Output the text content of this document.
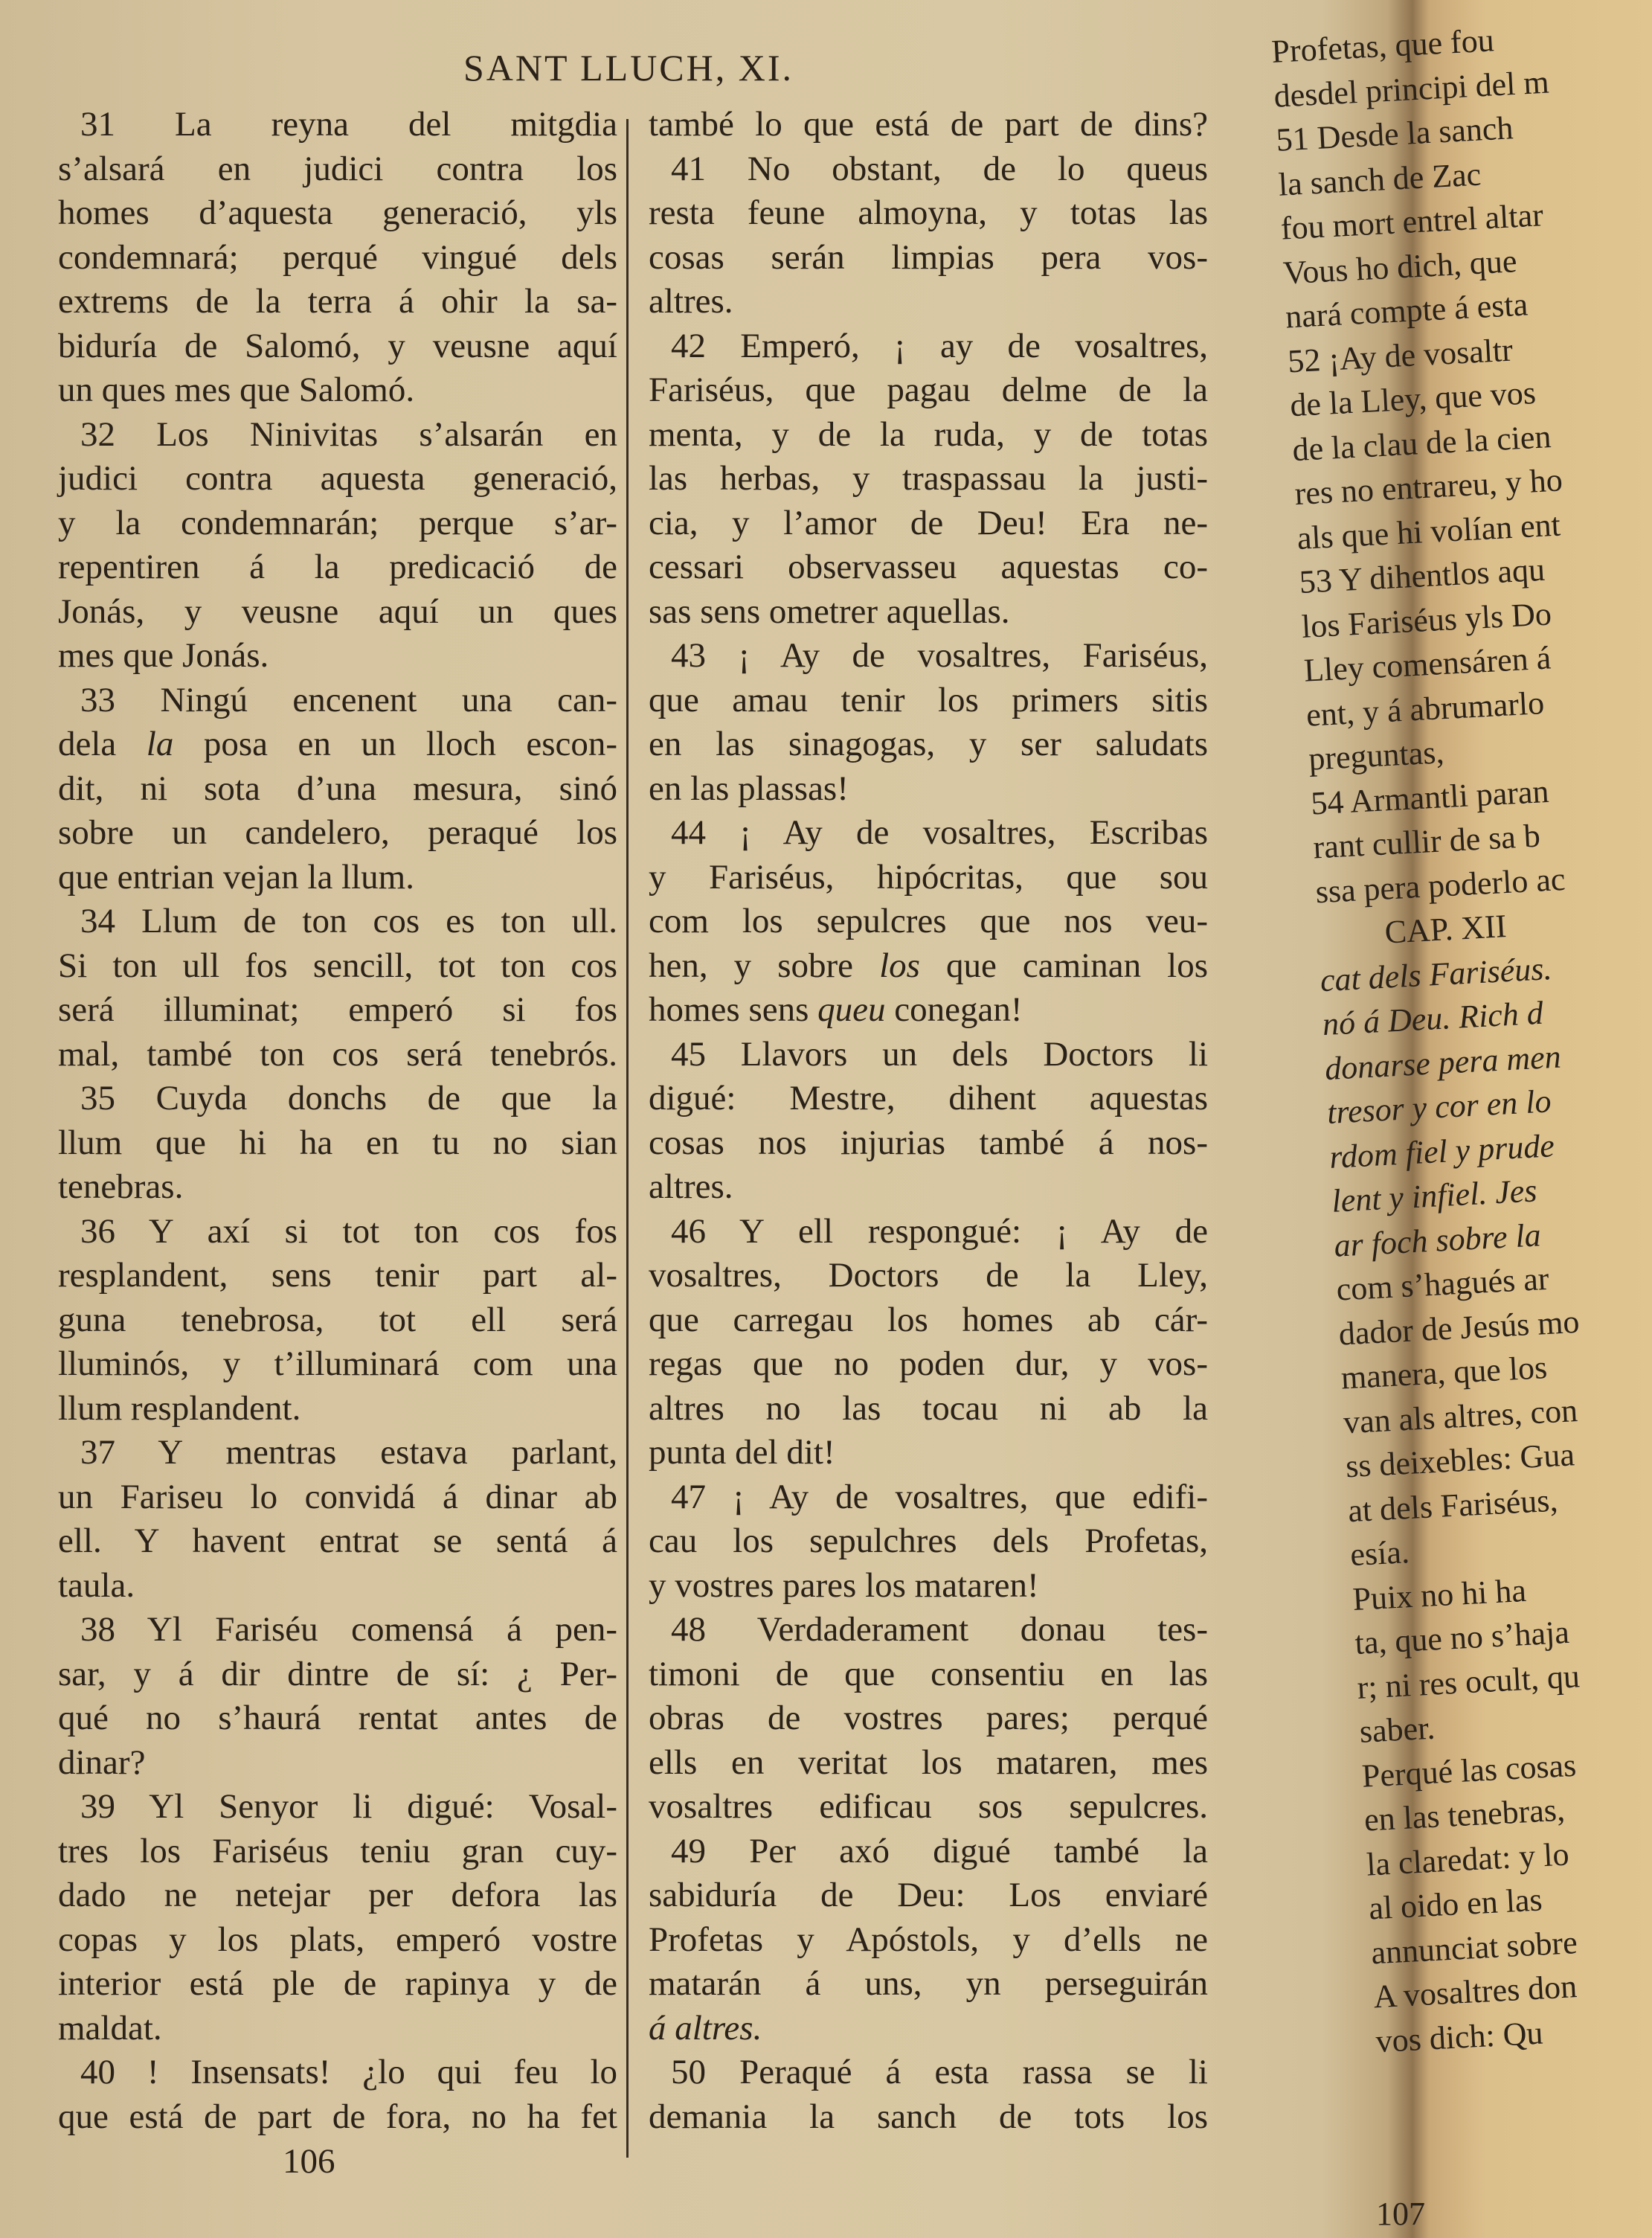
SANT LLUCH, XI.
31 La reyna del mitgdia
s’alsará en judici contra los
homes d’aquesta generació, yls
condemnará; perqué vingué dels
extrems de la terra á ohir la sa-
biduría de Salomó, y veusne aquí
un ques mes que Salomó.
32 Los Ninivitas s’alsarán en
judici contra aquesta generació,
y la condemnarán; perque s’ar-
repentiren á la predicació de
Jonás, y veusne aquí un ques
mes que Jonás.
33 Ningú encenent una can-
dela la posa en un lloch escon-
dit, ni sota d’una mesura, sinó
sobre un candelero, peraqué los
que entrian vejan la llum.
34 Llum de ton cos es ton ull.
Si ton ull fos sencill, tot ton cos
será illuminat; emperó si fos
mal, també ton cos será tenebrós.
35 Cuyda donchs de que la
llum que hi ha en tu no sian
tenebras.
36 Y axí si tot ton cos fos
resplandent, sens tenir part al-
guna tenebrosa, tot ell será
lluminós, y t’illuminará com una
llum resplandent.
37 Y mentras estava parlant,
un Fariseu lo convidá á dinar ab
ell. Y havent entrat se sentá á
taula.
38 Yl Fariséu comensá á pen-
sar, y á dir dintre de sí: ¿ Per-
qué no s’haurá rentat antes de
dinar?
39 Yl Senyor li digué: Vosal-
tres los Fariséus teniu gran cuy-
dado ne netejar per defora las
copas y los plats, emperó vostre
interior está ple de rapinya y de
maldat.
40 ! Insensats! ¿lo qui feu lo
que está de part de fora, no ha fet
també lo que está de part de dins?
41 No obstant, de lo queus
resta feune almoyna, y totas las
cosas serán limpias pera vos-
altres.
42 Emperó, ¡ ay de vosaltres,
Fariséus, que pagau delme de la
menta, y de la ruda, y de totas
las herbas, y traspassau la justi-
cia, y l’amor de Deu! Era ne-
cessari observasseu aquestas co-
sas sens ometrer aquellas.
43 ¡ Ay de vosaltres, Fariséus,
que amau tenir los primers sitis
en las sinagogas, y ser saludats
en las plassas!
44 ¡ Ay de vosaltres, Escribas
y Fariséus, hipócritas, que sou
com los sepulcres que nos veu-
hen, y sobre los que caminan los
homes sens queu conegan!
45 Llavors un dels Doctors li
digué: Mestre, dihent aquestas
cosas nos injurias també á nos-
altres.
46 Y ell respongué: ¡ Ay de
vosaltres, Doctors de la Lley,
que carregau los homes ab cár-
regas que no poden dur, y vos-
altres no las tocau ni ab la
punta del dit!
47 ¡ Ay de vosaltres, que edifi-
cau los sepulchres dels Profetas,
y vostres pares los mataren!
48 Verdaderament donau tes-
timoni de que consentiu en las
obras de vostres pares; perqué
ells en veritat los mataren, mes
vosaltres edificau sos sepulcres.
49 Per axó digué també la
sabiduría de Deu: Los enviaré
Profetas y Apóstols, y d’ells ne
matarán á uns, yn perseguirán
á altres.
50 Peraqué á esta rassa se li
demania la sanch de tots los
106
Profetas, que fou
desdel principi del m
51 Desde la sanch
la sanch de Zac
fou mort entrel altar
Vous ho dich, que
nará compte á esta
52 ¡Ay de vosaltr
de la Lley, que vos
de la clau de la cien
res no entrareu, y ho
als que hi volían ent
53 Y dihentlos aqu
los Fariséus yls Do
Lley comensáren á
ent, y á abrumarlo
preguntas,
54 Armantli paran
rant cullir de sa b
ssa pera poderlo ac
CAP. XII
cat dels Fariséus.
nó á Deu. Rich d
donarse pera men
tresor y cor en lo
rdom fiel y prude
lent y infiel. Jes
ar foch sobre la
com s’hagués ar
dador de Jesús mo
manera, que los
van als altres, con
ss deixebles: Gua
at dels Fariséus,
esía.
Puix no hi ha
ta, que no s’haja
r; ni res ocult, qu
saber.
Perqué las cosas
en las tenebras,
la claredat: y lo
al oido en las
annunciat sobre
A vosaltres don
vos dich: Qu
107
